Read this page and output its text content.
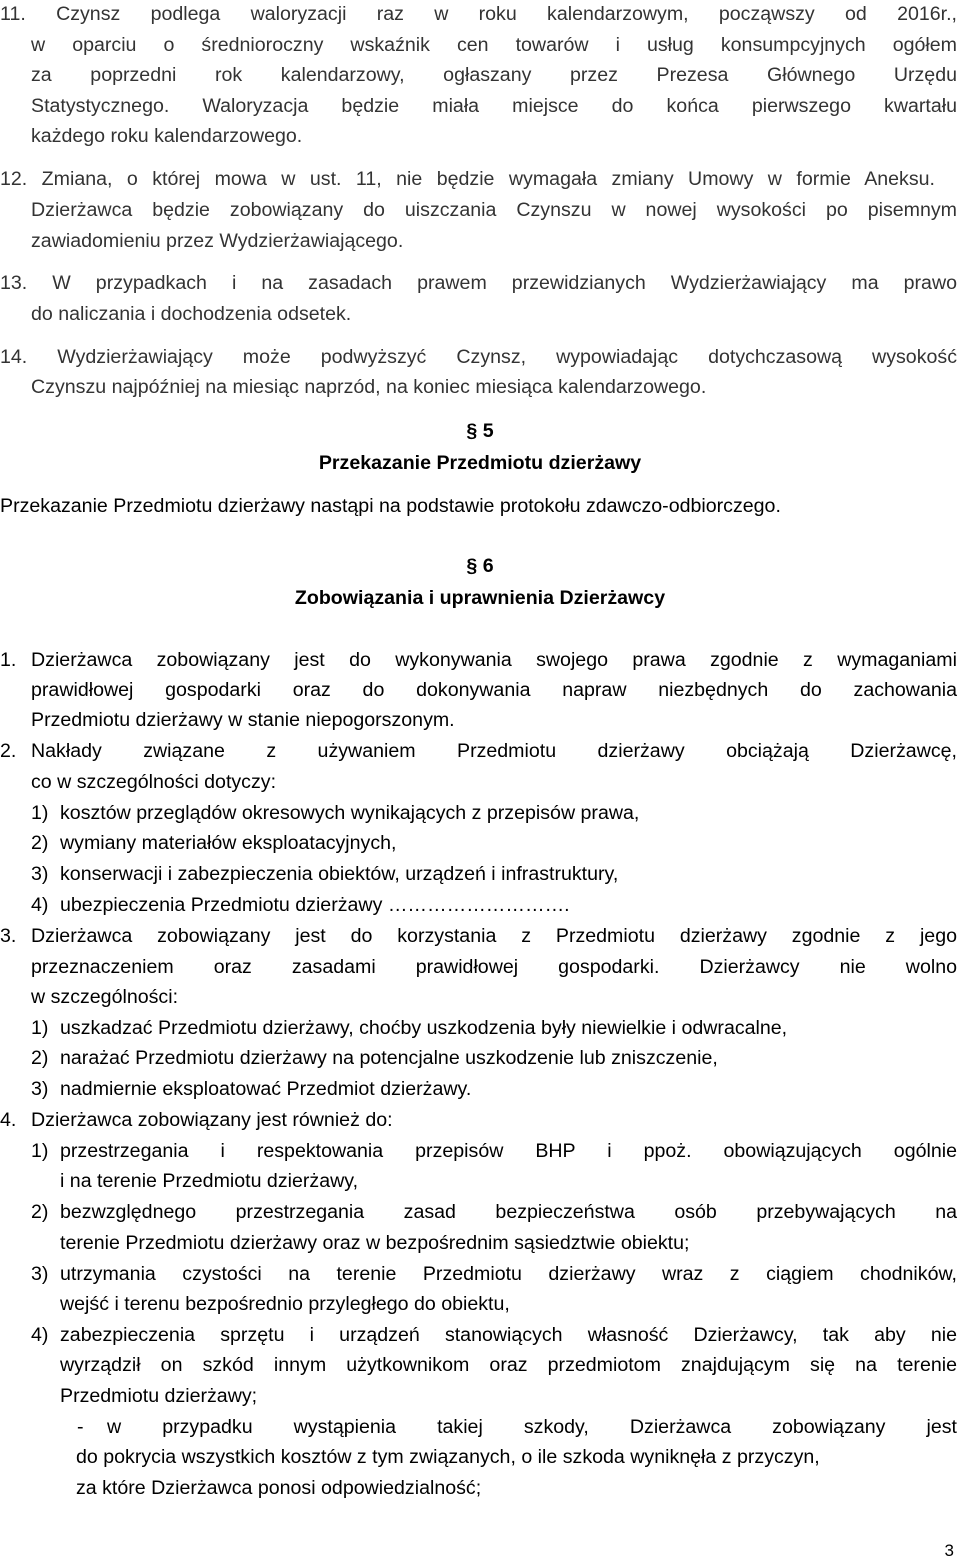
11. Czynsz podlega waloryzacji raz w roku kalendarzowym, począwszy od 2016r.,
w oparciu o średnioroczny wskaźnik cen towarów i usług konsumpcyjnych ogółem
za poprzedni rok kalendarzowy, ogłaszany przez Prezesa Głównego Urzędu
Statystycznego. Waloryzacja będzie miała miejsce do końca pierwszego kwartału
każdego roku kalendarzowego.
12. Zmiana, o której mowa w ust. 11, nie będzie wymagała zmiany Umowy w formie Aneksu.
Dzierżawca będzie zobowiązany do uiszczania Czynszu w nowej wysokości po pisemnym
zawiadomieniu przez Wydzierżawiającego.
13. W przypadkach i na zasadach prawem przewidzianych Wydzierżawiający ma prawo
do naliczania i dochodzenia odsetek.
14. Wydzierżawiający może podwyższyć Czynsz, wypowiadając dotychczasową wysokość
Czynszu najpóźniej na miesiąc naprzód, na koniec miesiąca kalendarzowego.
§ 5
Przekazanie Przedmiotu dzierżawy
Przekazanie Przedmiotu dzierżawy nastąpi na podstawie protokołu zdawczo-odbiorczego.
§ 6
Zobowiązania i uprawnienia Dzierżawcy
1. Dzierżawca zobowiązany jest do wykonywania swojego prawa zgodnie z wymaganiami
prawidłowej gospodarki oraz do dokonywania napraw niezbędnych do zachowania
Przedmiotu dzierżawy w stanie niepogorszonym.
2. Nakłady związane z używaniem Przedmiotu dzierżawy obciążają Dzierżawcę,
co w szczególności dotyczy:
1) kosztów przeglądów okresowych wynikających z przepisów prawa,
2) wymiany materiałów eksploatacyjnych,
3) konserwacji i zabezpieczenia obiektów, urządzeń i infrastruktury,
4) ubezpieczenia Przedmiotu dzierżawy ……………………….
3. Dzierżawca zobowiązany jest do korzystania z Przedmiotu dzierżawy zgodnie z jego
przeznaczeniem oraz zasadami prawidłowej gospodarki. Dzierżawcy nie wolno
w szczególności:
1) uszkadzać Przedmiotu dzierżawy, choćby uszkodzenia były niewielkie i odwracalne,
2) narażać Przedmiotu dzierżawy na potencjalne uszkodzenie lub zniszczenie,
3) nadmiernie eksploatować Przedmiot dzierżawy.
4. Dzierżawca zobowiązany jest również do:
1) przestrzegania i respektowania przepisów BHP i ppoż. obowiązujących ogólnie
i na terenie Przedmiotu dzierżawy,
2) bezwzględnego przestrzegania zasad bezpieczeństwa osób przebywających na
terenie Przedmiotu dzierżawy oraz w bezpośrednim sąsiedztwie obiektu;
3) utrzymania czystości na terenie Przedmiotu dzierżawy wraz z ciągiem chodników,
wejść i terenu bezpośrednio przyległego do obiektu,
4) zabezpieczenia sprzętu i urządzeń stanowiących własność Dzierżawcy, tak aby nie
wyrządził on szkód innym użytkownikom oraz przedmiotom znajdującym się na terenie
Przedmiotu dzierżawy;
- w przypadku wystąpienia takiej szkody, Dzierżawca zobowiązany jest
do pokrycia wszystkich kosztów z tym związanych, o ile szkoda wyniknęła z przyczyn,
za które Dzierżawca ponosi odpowiedzialność;
3
